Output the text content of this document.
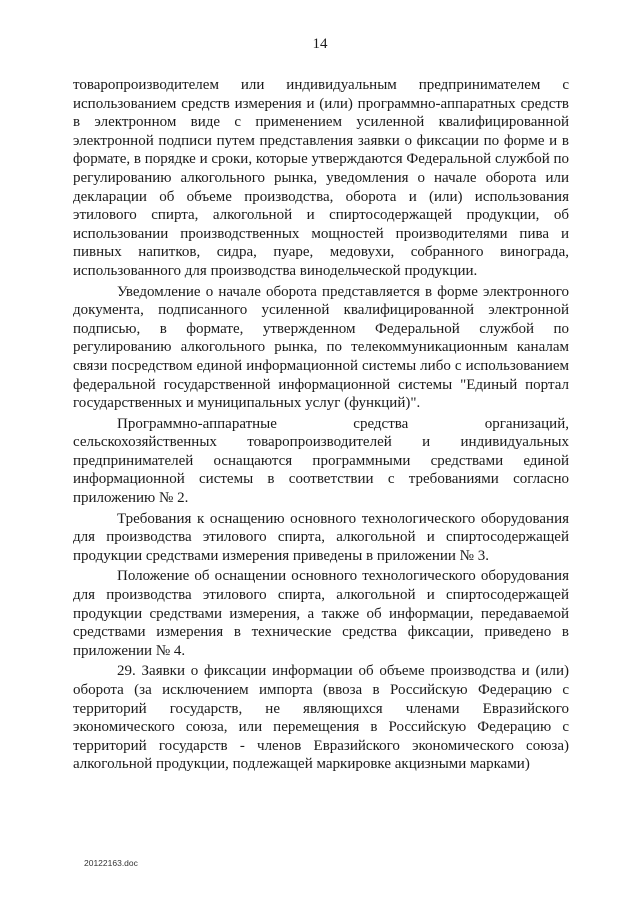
14

товаропроизводителем или индивидуальным предпринимателем с использованием средств измерения и (или) программно-аппаратных средств в электронном виде с применением усиленной квалифицированной электронной подписи путем представления заявки о фиксации по форме и в формате, в порядке и сроки, которые утверждаются Федеральной службой по регулированию алкогольного рынка, уведомления о начале оборота или декларации об объеме производства, оборота и (или) использования этилового спирта, алкогольной и спиртосодержащей продукции, об использовании производственных мощностей производителями пива и пивных напитков, сидра, пуаре, медовухи, собранного винограда, использованного для производства винодельческой продукции.

Уведомление о начале оборота представляется в форме электронного документа, подписанного усиленной квалифицированной электронной подписью, в формате, утвержденном Федеральной службой по регулированию алкогольного рынка, по телекоммуникационным каналам связи посредством единой информационной системы либо с использованием федеральной государственной информационной системы "Единый портал государственных и муниципальных услуг (функций)".

Программно-аппаратные средства организаций, сельскохозяйственных товаропроизводителей и индивидуальных предпринимателей оснащаются программными средствами единой информационной системы в соответствии с требованиями согласно приложению № 2.

Требования к оснащению основного технологического оборудования для производства этилового спирта, алкогольной и спиртосодержащей продукции средствами измерения приведены в приложении № 3.

Положение об оснащении основного технологического оборудования для производства этилового спирта, алкогольной и спиртосодержащей продукции средствами измерения, а также об информации, передаваемой средствами измерения в технические средства фиксации, приведено в приложении № 4.

29. Заявки о фиксации информации об объеме производства и (или) оборота (за исключением импорта (ввоза в Российскую Федерацию с территорий государств, не являющихся членами Евразийского экономического союза, или перемещения в Российскую Федерацию с территорий государств - членов Евразийского экономического союза) алкогольной продукции, подлежащей маркировке акцизными марками)

20122163.doc
